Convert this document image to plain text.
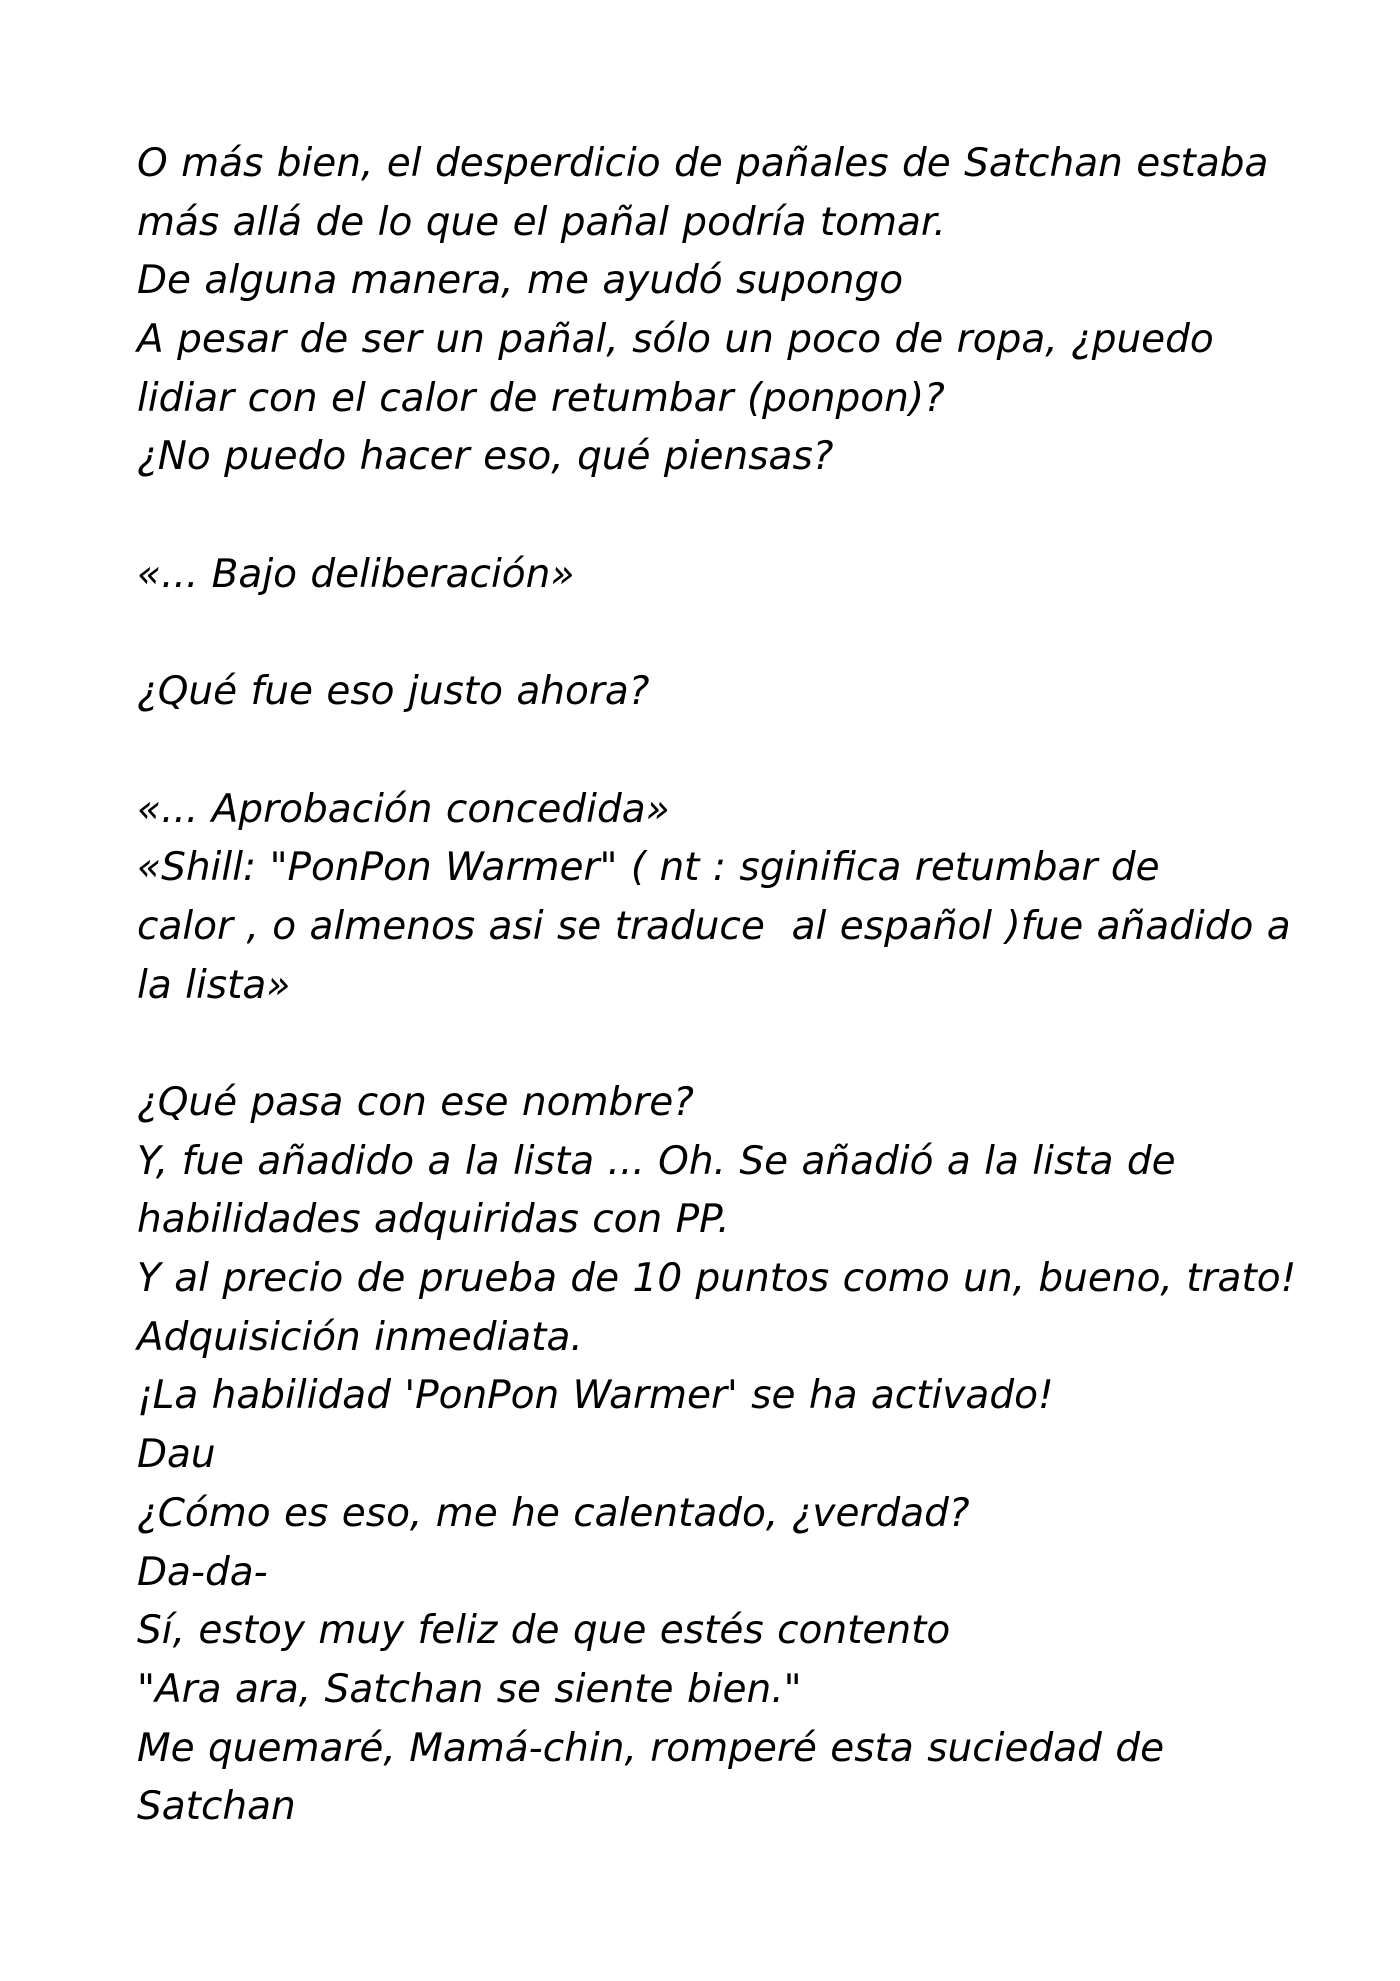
O más bien, el desperdicio de pañales de Satchan estaba
más allá de lo que el pañal podría tomar.
De alguna manera, me ayudó supongo
A pesar de ser un pañal, sólo un poco de ropa, ¿puedo
lidiar con el calor de retumbar (ponpon)?
¿No puedo hacer eso, qué piensas?
«... Bajo deliberación»
¿Qué fue eso justo ahora?
«... Aprobación concedida»
«Shill: "PonPon Warmer" ( nt : sginifica retumbar de
calor , o almenos asi se traduce  al español )fue añadido a
la lista»
¿Qué pasa con ese nombre?
Y, fue añadido a la lista ... Oh. Se añadió a la lista de
habilidades adquiridas con PP.
Y al precio de prueba de 10 puntos como un, bueno, trato!
Adquisición inmediata.
¡La habilidad 'PonPon Warmer' se ha activado!
Dau
¿Cómo es eso, me he calentado, ¿verdad?
Da-da-
Sí, estoy muy feliz de que estés contento
"Ara ara, Satchan se siente bien."
Me quemaré, Mamá-chin, romperé esta suciedad de
Satchan
